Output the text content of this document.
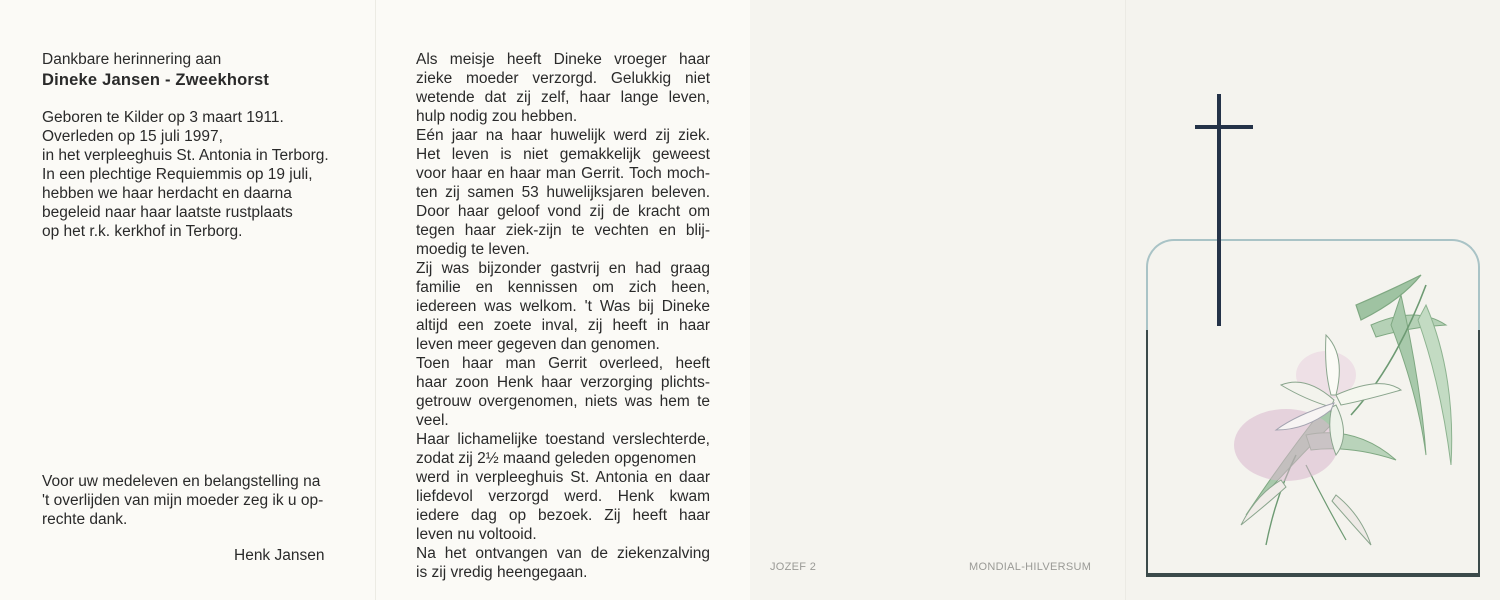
Dankbare herinnering aan
Dineke Jansen - Zweekhorst
Geboren te Kilder op 3 maart 1911.
Overleden op 15 juli 1997,
in het verpleeghuis St. Antonia in Terborg.
In een plechtige Requiemmis op 19 juli,
hebben we haar herdacht en daarna
begeleid naar haar laatste rustplaats
op het r.k. kerkhof in Terborg.
Voor uw medeleven en belangstelling na
't overlijden van mijn moeder zeg ik u op-
rechte dank.
Henk Jansen
Als meisje heeft Dineke vroeger haar
zieke moeder verzorgd. Gelukkig niet
wetende dat zij zelf, haar lange leven,
hulp nodig zou hebben.
Eén jaar na haar huwelijk werd zij ziek.
Het leven is niet gemakkelijk geweest
voor haar en haar man Gerrit. Toch moch-
ten zij samen 53 huwelijksjaren beleven.
Door haar geloof vond zij de kracht om
tegen haar ziek-zijn te vechten en blij-
moedig te leven.
Zij was bijzonder gastvrij en had graag
familie en kennissen om zich heen,
iedereen was welkom. 't Was bij Dineke
altijd een zoete inval, zij heeft in haar
leven meer gegeven dan genomen.
Toen haar man Gerrit overleed, heeft
haar zoon Henk haar verzorging plichts-
getrouw overgenomen, niets was hem te
veel.
Haar lichamelijke toestand verslechterde,
zodat zij 2½ maand geleden opgenomen
werd in verpleeghuis St. Antonia en daar
liefdevol verzorgd werd. Henk kwam
iedere dag op bezoek. Zij heeft haar
leven nu voltooid.
Na het ontvangen van de ziekenzalving
is zij vredig heengegaan.	JOZEF 2	MONDIAL-HILVERSUM
